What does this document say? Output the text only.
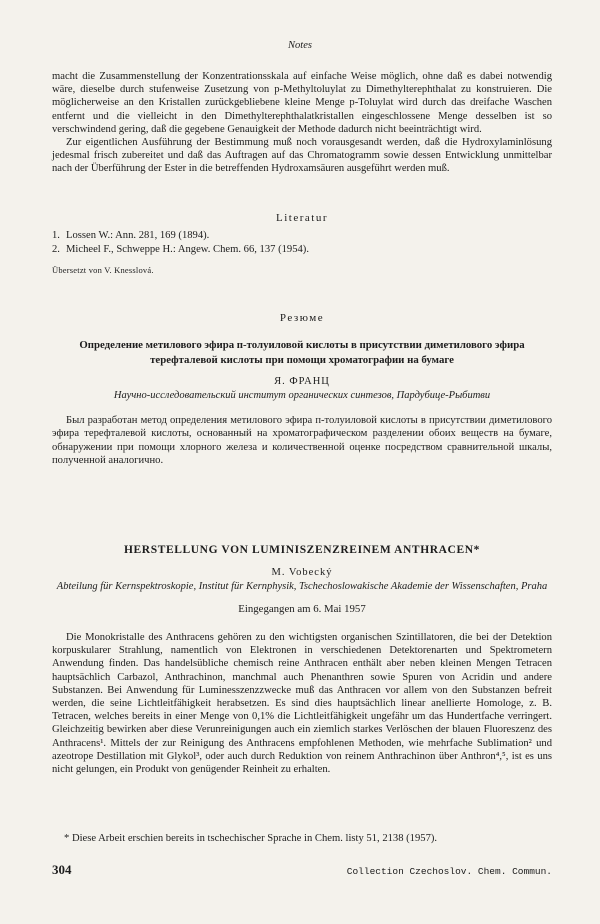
Notes

macht die Zusammenstellung der Konzentrationsskala auf einfache Weise möglich, ohne daß es dabei notwendig wäre, dieselbe durch stufenweise Zusetzung von p-Methyltoluylat zu Dimethylterephthalat zu konstruieren. Die möglicherweise an den Kristallen zurückgebliebene kleine Menge p-Toluylat wird durch das dreifache Waschen entfernt und die vielleicht in den Dimethylterephthalatkristallen eingeschlossene Menge desselben ist so verschwindend gering, daß die gegebene Genauigkeit der Methode dadurch nicht beeinträchtigt wird.

Zur eigentlichen Ausführung der Bestimmung muß noch vorausgesandt werden, daß die Hydroxylaminlösung jedesmal frisch zubereitet und daß das Auftragen auf das Chromatogramm sowie dessen Entwicklung unmittelbar nach der Überführung der Ester in die betreffenden Hydroxamsäuren ausgeführt werden muß.

Literatur
1. Lossen W.: Ann. 281, 169 (1894).
2. Micheel F., Schweppe H.: Angew. Chem. 66, 137 (1954).
Übersetzt von V. Knesslová.
Резюме
Определение метилового эфира п-толуиловой кислоты в присутствии диметилового эфира терефталевой кислоты при помощи хроматографии на бумаге
Я. ФРАНЦ
Научно-исследовательский институт органических синтезов, Пардубице-Рыбитви

Был разработан метод определения метилового эфира п-толуиловой кислоты в присутствии диметилового эфира терефталевой кислоты, основанный на хроматографическом разделении обоих веществ на бумаге, обнаружении при помощи хлорного железа и количественной оценке посредством сравнительной шкалы, полученной аналогично.

HERSTELLUNG VON LUMINISZENZREINEM ANTHRACEN*
M. Vobecký
Abteilung für Kernspektroskopie, Institut für Kernphysik, Tschechoslowakische Akademie der Wissenschaften, Praha
Eingegangen am 6. Mai 1957

Die Monokristalle des Anthracens gehören zu den wichtigsten organischen Szintillatoren, die bei der Detektion korpuskularer Strahlung, namentlich von Elektronen in verschiedenen Detektorenarten und Spektrometern Anwendung finden. Das handelsübliche chemisch reine Anthracen enthält aber neben kleinen Mengen Tetracen hauptsächlich Carbazol, Anthrachinon, manchmal auch Phenanthren sowie Spuren von Acridin und andere Substanzen. Bei Anwendung für Luminesszenzzwecke muß das Anthracen vor allem von den Substanzen befreit werden, die seine Lichtleitfähigkeit herabsetzen. Es sind dies hauptsächlich linear anellierte Homologe, z. B. Tetracen, welches bereits in einer Menge von 0,1% die Lichtleitfähigkeit ungefähr um das Hundertfache verringert. Gleichzeitig bewirken aber diese Verunreinigungen auch ein ziemlich starkes Verlöschen der blauen Fluoreszenz des Anthracens¹. Mittels der zur Reinigung des Anthracens empfohlenen Methoden, wie mehrfache Sublimation² und azeotrope Destillation mit Glykol³, oder auch durch Reduktion von reinem Anthrachinon über Anthron⁴,⁵, ist es uns nicht gelungen, ein Produkt von genügender Reinheit zu erhalten.

* Diese Arbeit erschien bereits in tschechischer Sprache in Chem. listy 51, 2138 (1957).
304	Collection Czechoslov. Chem. Commun.
